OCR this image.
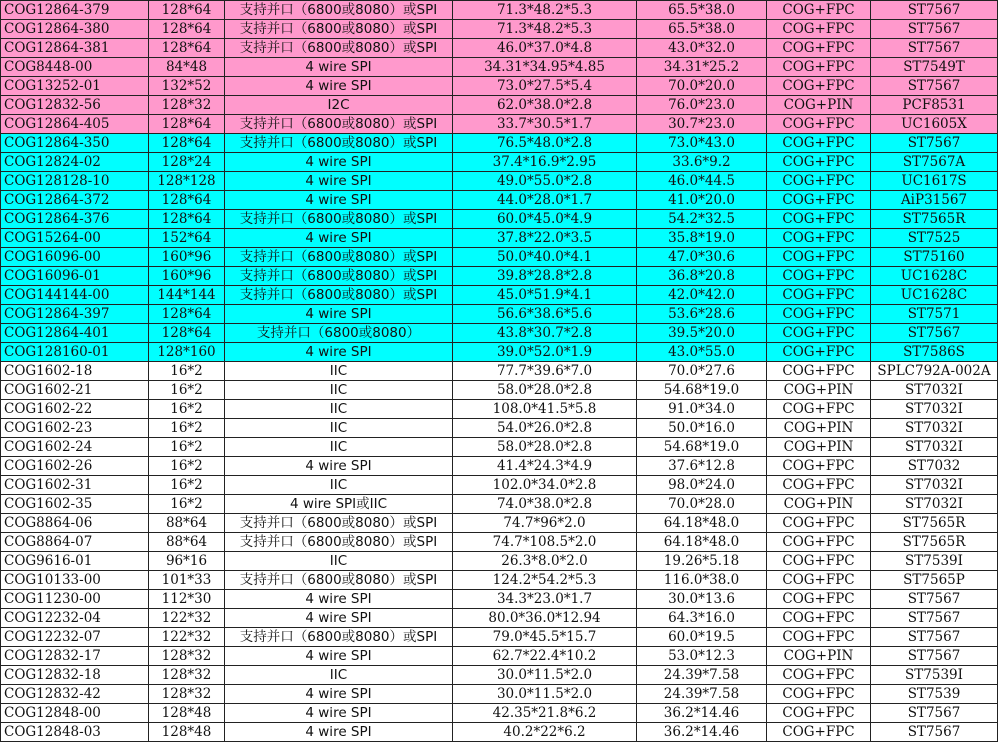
COG12864-379	128*64	支持并口（6800或8080）或SPI	71.3*48.2*5.3	65.5*38.0	COG+FPC	ST7567
COG12864-380	128*64	支持并口（6800或8080）或SPI	71.3*48.2*5.3	65.5*38.0	COG+FPC	ST7567
COG12864-381	128*64	支持并口（6800或8080）或SPI	46.0*37.0*4.8	43.0*32.0	COG+FPC	ST7567
COG8448-00	84*48	4 wire SPI	34.31*34.95*4.85	34.31*25.2	COG+FPC	ST7549T
COG13252-01	132*52	4 wire SPI	73.0*27.5*5.4	70.0*20.0	COG+FPC	ST7567
COG12832-56	128*32	I2C	62.0*38.0*2.8	76.0*23.0	COG+PIN	PCF8531
COG12864-405	128*64	支持并口（6800或8080）或SPI	33.7*30.5*1.7	30.7*23.0	COG+FPC	UC1605X
COG12864-350	128*64	支持并口（6800或8080）或SPI	76.5*48.0*2.8	73.0*43.0	COG+FPC	ST7567
COG12824-02	128*24	4 wire SPI	37.4*16.9*2.95	33.6*9.2	COG+FPC	ST7567A
COG128128-10	128*128	4 wire SPI	49.0*55.0*2.8	46.0*44.5	COG+FPC	UC1617S
COG12864-372	128*64	4 wire SPI	44.0*28.0*1.7	41.0*20.0	COG+FPC	AiP31567
COG12864-376	128*64	支持并口（6800或8080）或SPI	60.0*45.0*4.9	54.2*32.5	COG+FPC	ST7565R
COG15264-00	152*64	4 wire SPI	37.8*22.0*3.5	35.8*19.0	COG+FPC	ST7525
COG16096-00	160*96	支持并口（6800或8080）或SPI	50.0*40.0*4.1	47.0*30.6	COG+FPC	ST75160
COG16096-01	160*96	支持并口（6800或8080）或SPI	39.8*28.8*2.8	36.8*20.8	COG+FPC	UC1628C
COG144144-00	144*144	支持并口（6800或8080）或SPI	45.0*51.9*4.1	42.0*42.0	COG+FPC	UC1628C
COG12864-397	128*64	4 wire SPI	56.6*38.6*5.6	53.6*28.6	COG+FPC	ST7571
COG12864-401	128*64	支持并口（6800或8080）	43.8*30.7*2.8	39.5*20.0	COG+FPC	ST7567
COG128160-01	128*160	4 wire SPI	39.0*52.0*1.9	43.0*55.0	COG+FPC	ST7586S
COG1602-18	16*2	IIC	77.7*39.6*7.0	70.0*27.6	COG+FPC	SPLC792A-002A
COG1602-21	16*2	IIC	58.0*28.0*2.8	54.68*19.0	COG+PIN	ST7032I
COG1602-22	16*2	IIC	108.0*41.5*5.8	91.0*34.0	COG+FPC	ST7032I
COG1602-23	16*2	IIC	54.0*26.0*2.8	50.0*16.0	COG+PIN	ST7032I
COG1602-24	16*2	IIC	58.0*28.0*2.8	54.68*19.0	COG+PIN	ST7032I
COG1602-26	16*2	4 wire SPI	41.4*24.3*4.9	37.6*12.8	COG+FPC	ST7032
COG1602-31	16*2	IIC	102.0*34.0*2.8	98.0*24.0	COG+FPC	ST7032I
COG1602-35	16*2	4 wire SPI或IIC	74.0*38.0*2.8	70.0*28.0	COG+PIN	ST7032I
COG8864-06	88*64	支持并口（6800或8080）或SPI	74.7*96*2.0	64.18*48.0	COG+FPC	ST7565R
COG8864-07	88*64	支持并口（6800或8080）或SPI	74.7*108.5*2.0	64.18*48.0	COG+FPC	ST7565R
COG9616-01	96*16	IIC	26.3*8.0*2.0	19.26*5.18	COG+FPC	ST7539I
COG10133-00	101*33	支持并口（6800或8080）或SPI	124.2*54.2*5.3	116.0*38.0	COG+FPC	ST7565P
COG11230-00	112*30	4 wire SPI	34.3*23.0*1.7	30.0*13.6	COG+FPC	ST7567
COG12232-04	122*32	4 wire SPI	80.0*36.0*12.94	64.3*16.0	COG+FPC	ST7567
COG12232-07	122*32	支持并口（6800或8080）或SPI	79.0*45.5*15.7	60.0*19.5	COG+FPC	ST7567
COG12832-17	128*32	4 wire SPI	62.7*22.4*10.2	53.0*12.3	COG+PIN	ST7567
COG12832-18	128*32	IIC	30.0*11.5*2.0	24.39*7.58	COG+FPC	ST7539I
COG12832-42	128*32	4 wire SPI	30.0*11.5*2.0	24.39*7.58	COG+FPC	ST7539
COG12848-00	128*48	4 wire SPI	42.35*21.8*6.2	36.2*14.46	COG+FPC	ST7567
COG12848-03	128*48	4 wire SPI	40.2*22*6.2	36.2*14.46	COG+FPC	ST7567
